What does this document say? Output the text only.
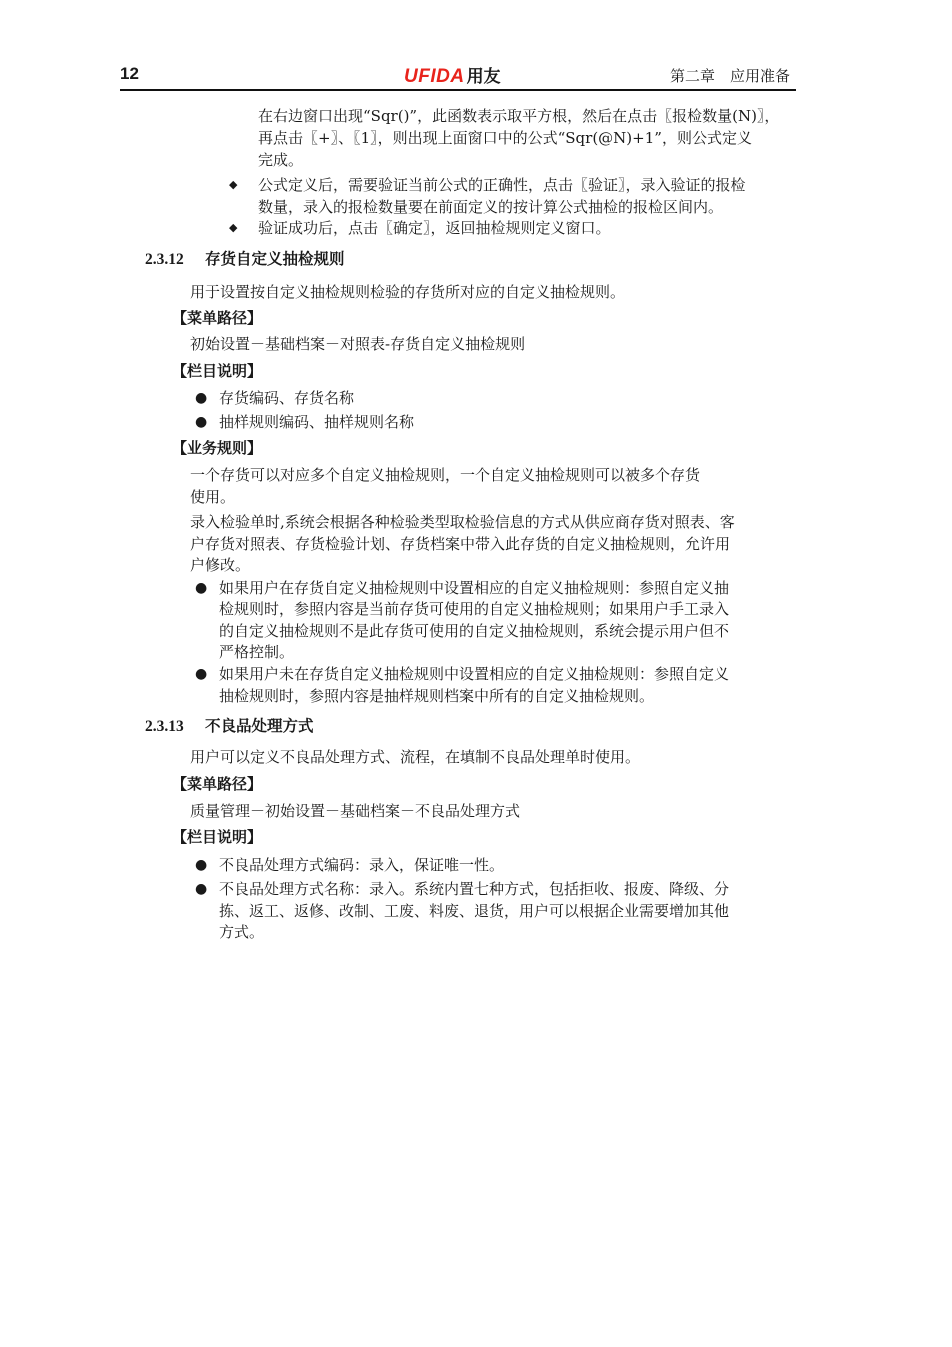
12	UFIDA 用友	第二章　应用准备
在右边窗口出现“Sqr()”，此函数表示取平方根，然后在点击〖报检数量(N)〗，
再点击〖+〗、〖1〗，则出现上面窗口中的公式“Sqr(@N)+1”，则公式定义
完成。
◆ 公式定义后，需要验证当前公式的正确性，点击〖验证〗，录入验证的报检
数量，录入的报检数量要在前面定义的按计算公式抽检的报检区间内。
◆ 验证成功后，点击〖确定〗，返回抽检规则定义窗口。
2.3.12 存货自定义抽检规则
用于设置按自定义抽检规则检验的存货所对应的自定义抽检规则。
【菜单路径】
初始设置－基础档案－对照表-存货自定义抽检规则
【栏目说明】
● 存货编码、存货名称
● 抽样规则编码、抽样规则名称
【业务规则】
一个存货可以对应多个自定义抽检规则，一个自定义抽检规则可以被多个存货
使用。
录入检验单时,系统会根据各种检验类型取检验信息的方式从供应商存货对照表、客
户存货对照表、存货检验计划、存货档案中带入此存货的自定义抽检规则，允许用
户修改。
● 如果用户在存货自定义抽检规则中设置相应的自定义抽检规则：参照自定义抽
检规则时，参照内容是当前存货可使用的自定义抽检规则；如果用户手工录入
的自定义抽检规则不是此存货可使用的自定义抽检规则，系统会提示用户但不
严格控制。
● 如果用户未在存货自定义抽检规则中设置相应的自定义抽检规则：参照自定义
抽检规则时，参照内容是抽样规则档案中所有的自定义抽检规则。
2.3.13 不良品处理方式
用户可以定义不良品处理方式、流程，在填制不良品处理单时使用。
【菜单路径】
质量管理－初始设置－基础档案－不良品处理方式
【栏目说明】
● 不良品处理方式编码：录入，保证唯一性。
● 不良品处理方式名称：录入。系统内置七种方式，包括拒收、报废、降级、分
拣、返工、返修、改制、工废、料废、退货，用户可以根据企业需要增加其他
方式。
